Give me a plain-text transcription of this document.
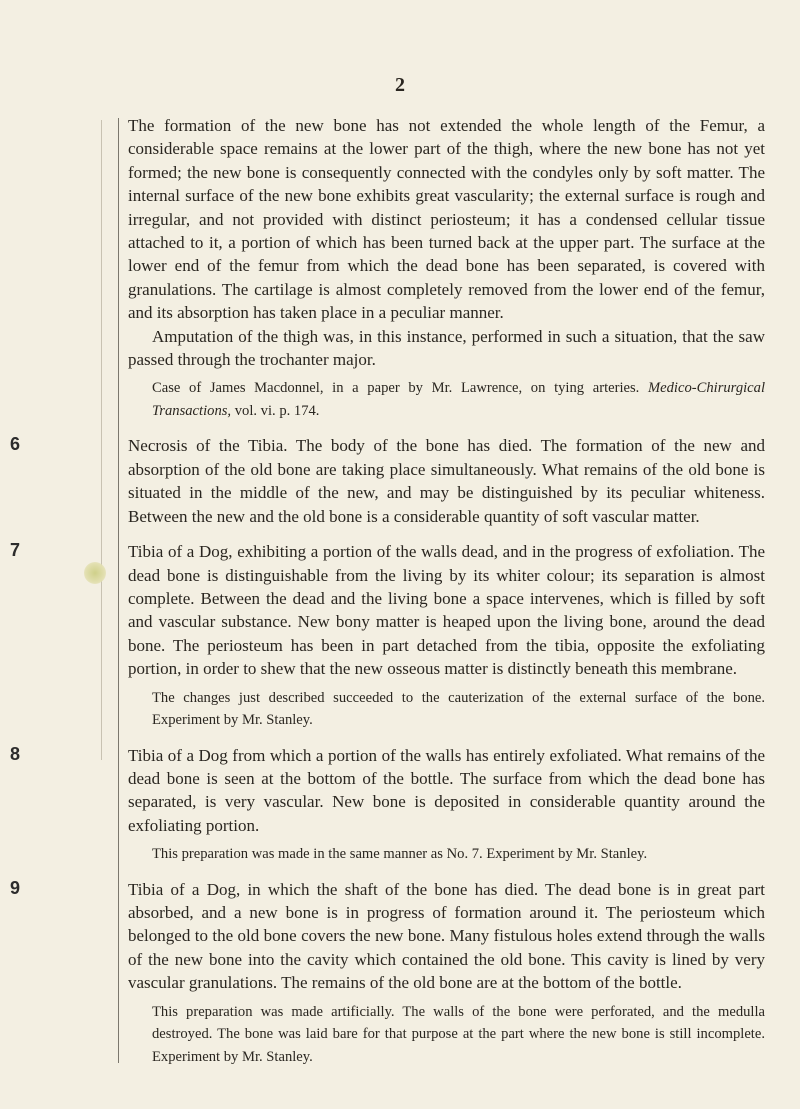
2

The formation of the new bone has not extended the whole length of the Femur, a considerable space remains at the lower part of the thigh, where the new bone has not yet formed; the new bone is consequently connected with the condyles only by soft matter. The internal surface of the new bone exhibits great vascularity; the external surface is rough and irregular, and not provided with distinct periosteum; it has a condensed cellular tissue attached to it, a portion of which has been turned back at the upper part. The surface at the lower end of the femur from which the dead bone has been separated, is covered with granulations. The cartilage is almost completely removed from the lower end of the femur, and its absorption has taken place in a peculiar manner.

Amputation of the thigh was, in this instance, performed in such a situation, that the saw passed through the trochanter major.

Case of James Macdonnel, in a paper by Mr. Lawrence, on tying arteries. Medico-Chirurgical Transactions, vol. vi. p. 174.

6	Necrosis of the Tibia. The body of the bone has died. The formation of the new and absorption of the old bone are taking place simultaneously. What remains of the old bone is situated in the middle of the new, and may be distinguished by its peculiar whiteness. Between the new and the old bone is a considerable quantity of soft vascular matter.

7	Tibia of a Dog, exhibiting a portion of the walls dead, and in the progress of exfoliation. The dead bone is distinguishable from the living by its whiter colour; its separation is almost complete. Between the dead and the living bone a space intervenes, which is filled by soft and vascular substance. New bony matter is heaped upon the living bone, around the dead bone. The periosteum has been in part detached from the tibia, opposite the exfoliating portion, in order to shew that the new osseous matter is distinctly beneath this membrane.

The changes just described succeeded to the cauterization of the external surface of the bone. Experiment by Mr. Stanley.

8	Tibia of a Dog from which a portion of the walls has entirely exfoliated. What remains of the dead bone is seen at the bottom of the bottle. The surface from which the dead bone has separated, is very vascular. New bone is deposited in considerable quantity around the exfoliating portion.

This preparation was made in the same manner as No. 7. Experiment by Mr. Stanley.

9	Tibia of a Dog, in which the shaft of the bone has died. The dead bone is in great part absorbed, and a new bone is in progress of formation around it. The periosteum which belonged to the old bone covers the new bone. Many fistulous holes extend through the walls of the new bone into the cavity which contained the old bone. This cavity is lined by very vascular granulations. The remains of the old bone are at the bottom of the bottle.

This preparation was made artificially. The walls of the bone were perforated, and the medulla destroyed. The bone was laid bare for that purpose at the part where the new bone is still incomplete. Experiment by Mr. Stanley.
